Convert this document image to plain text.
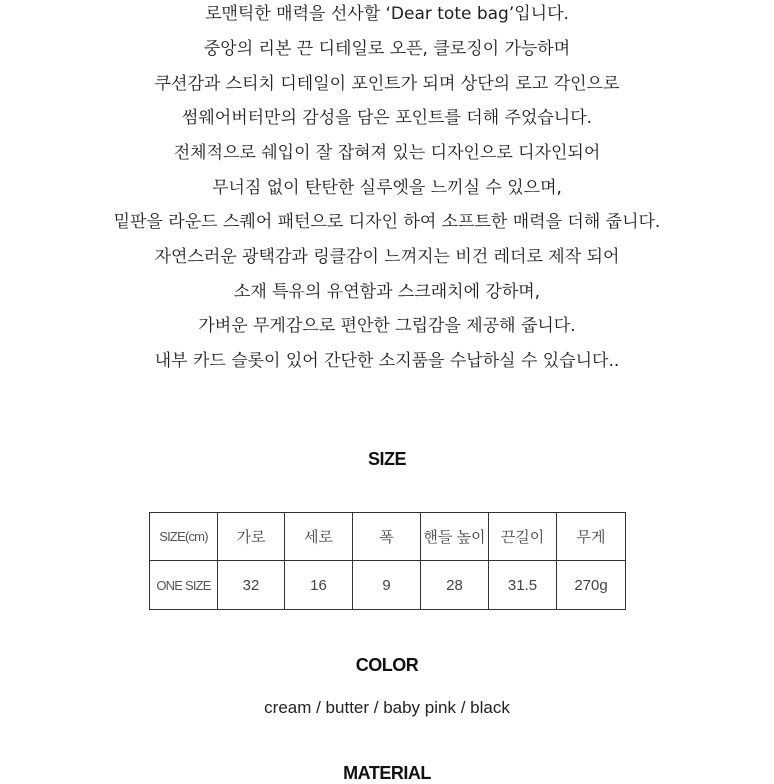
로맨틱한 매력을 선사할 ‘Dear tote bag’입니다.
중앙의 리본 끈 디테일로 오픈, 클로징이 가능하며
쿠션감과 스티치 디테일이 포인트가 되며 상단의 로고 각인으로
썸웨어버터만의 감성을 담은 포인트를 더해 주었습니다.
전체적으로 쉐입이 잘 잡혀져 있는 디자인으로 디자인되어
무너짐 없이 탄탄한 실루엣을 느끼실 수 있으며,
밑판을 라운드 스퀘어 패턴으로 디자인 하여 소프트한 매력을 더해 줍니다.
자연스러운 광택감과 링클감이 느껴지는 비건 레더로 제작 되어
소재 특유의 유연함과 스크래치에 강하며,
가벼운 무게감으로 편안한 그립감을 제공해 줍니다.
내부 카드 슬롯이 있어 간단한 소지품을 수납하실 수 있습니다..
SIZE
SIZE(cm)	가로	세로	폭	핸들 높이	끈길이	무게
ONE SIZE	32	16	9	28	31.5	270g
COLOR
cream / butter / baby pink / black
MATERIAL
